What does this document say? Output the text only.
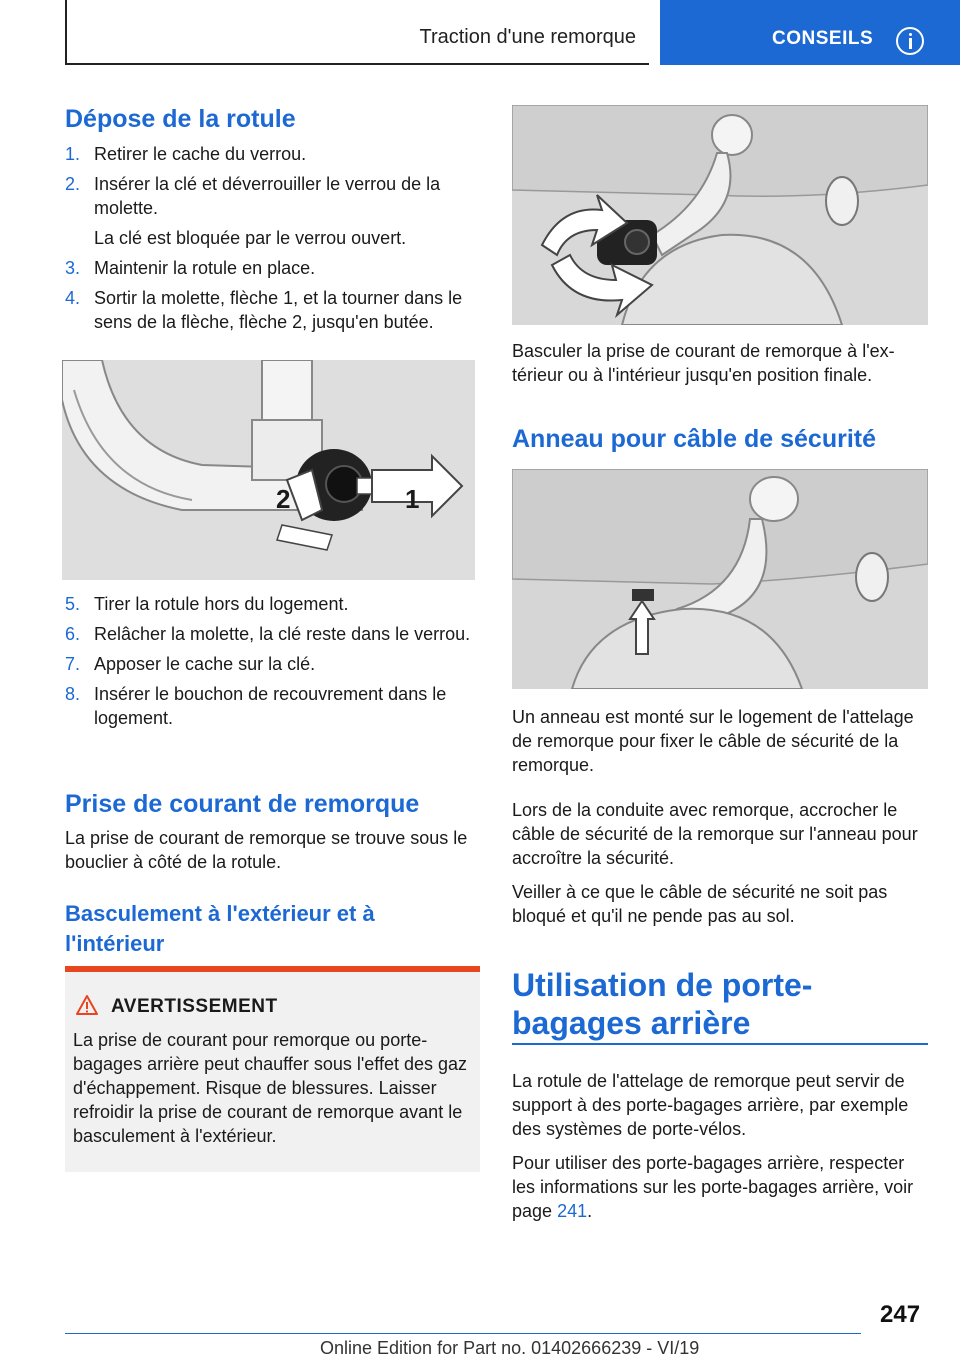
Traction d'une remorque	CONSEILS
Dépose de la rotule
1. Retirer le cache du verrou.
2. Insérer la clé et déverrouiller le verrou de la molette.
La clé est bloquée par le verrou ouvert.
3. Maintenir la rotule en place.
4. Sortir la molette, flèche 1, et la tourner dans le sens de la flèche, flèche 2, jusqu'en butée.
1
2
5. Tirer la rotule hors du logement.
6. Relâcher la molette, la clé reste dans le verrou.
7. Apposer le cache sur la clé.
8. Insérer le bouchon de recouvrement dans le logement.
Prise de courant de remorque

La prise de courant de remorque se trouve sous le bouclier à côté de la rotule.

Basculement à l'extérieur et à l'intérieur
AVERTISSEMENT
La prise de courant pour remorque ou porte-bagages arrière peut chauffer sous l'effet des gaz d'échappement. Risque de blessures. Laisser refroidir la prise de courant de remorque avant le basculement à l'extérieur.

Basculer la prise de courant de remorque à l'extérieur ou à l'intérieur jusqu'en position finale.

Anneau pour câble de sécurité

Un anneau est monté sur le logement de l'attelage de remorque pour fixer le câble de sécurité de la remorque.

Lors de la conduite avec remorque, accrocher le câble de sécurité de la remorque sur l'anneau pour accroître la sécurité.

Veiller à ce que le câble de sécurité ne soit pas bloqué et qu'il ne pende pas au sol.

Utilisation de porte-bagages arrière

La rotule de l'attelage de remorque peut servir de support à des porte-bagages arrière, par exemple des systèmes de porte-vélos.

Pour utiliser des porte-bagages arrière, respecter les informations sur les porte-bagages arrière, voir page 241.

247
Online Edition for Part no. 01402666239 - VI/19
